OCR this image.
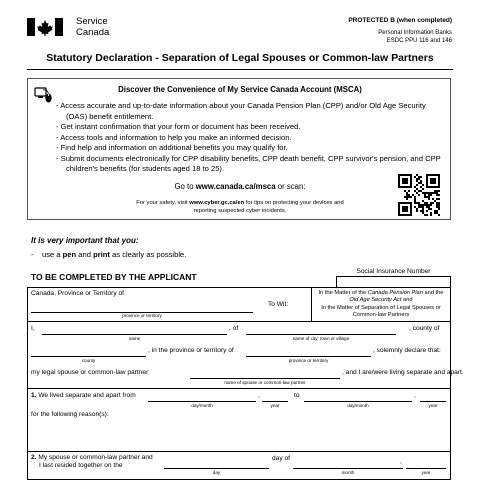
Service
Canada
PROTECTED B (when completed)
Personal Information Banks
ESDC PPU 116 and 146
Statutory Declaration - Separation of Legal Spouses or Common-law Partners
Discover the Convenience of My Service Canada Account (MSCA)
- Access accurate and up-to-date information about your Canada Pension Plan (CPP) and/or Old Age Security (OAS) benefit entitlement.
- Get instant confirmation that your form or document has been received.
- Access tools and information to help you make an informed decision.
- Find help and information on additional benefits you may qualify for.
- Submit documents electronically for CPP disability benefits, CPP death benefit, CPP survivor's pension, and CPP children's benefits (for students aged 18 to 25).
Go to www.canada.ca/msca or scan:
For your safety, visit www.cyber.gc.ca/en for tips on protecting your devices and
reporting suspected cyber incidents.
It is very important that you:
- use a pen and print as clearly as possible.
TO BE COMPLETED BY THE APPLICANT
Social Insurance Number
Canada, Province or Territory of
province or territory
To Wit:
In the Matter of the Canada Pension Plan and the
Old Age Security Act and
In the Matter of Separation of Legal Spouses or
Common-law Partners
I,
name
, of
name of city, town or village
, county of
county
, in the province or territory of
province or territory
, solemnly declare that:
my legal spouse or common-law partner
name of spouse or common-law partner
, and I are/were living separate and apart.
1. We lived separate and apart from
day/month
,
year
to
day/month
,
year
for the following reason(s):
2. My spouse or common-law partner and
I last resided together on the
day
day of
month
,
year
